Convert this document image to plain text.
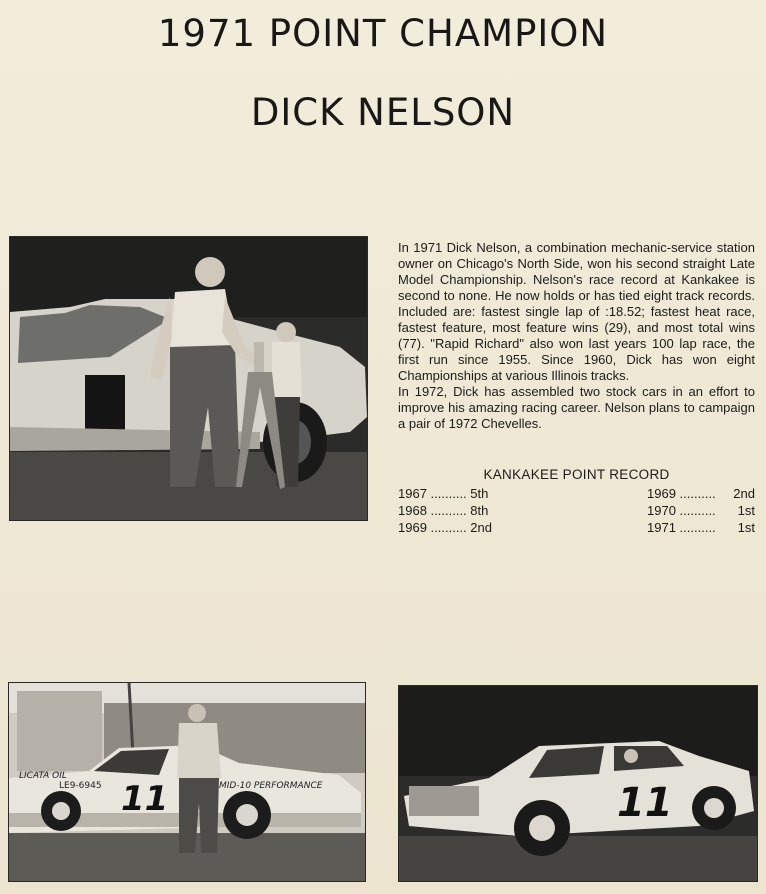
1971 POINT CHAMPION
DICK NELSON

In 1971 Dick Nelson, a combination mechanic-service station owner on Chicago's North Side, won his second straight Late Model Championship. Nelson's race record at Kankakee is second to none. He now holds or has tied eight track records. Included are: fastest single lap of :18.52; fastest heat race, fastest feature, most feature wins (29), and most total wins (77). "Rapid Richard" also won last years 100 lap race, the first run since 1955. Since 1960, Dick has won eight Championships at various Illinois tracks.

In 1972, Dick has assembled two stock cars in an effort to improve his amazing racing career. Nelson plans to campaign a pair of 1972 Chevelles.

KANKAKEE POINT RECORD
1967 .......... 5th
1968 .......... 8th
1969 .......... 2nd
1969 .......... 2nd
1970 .......... 1st
1971 .......... 1st
LICATA OIL
LE9-6945 11	MID-10 PERFORMANCE	11
